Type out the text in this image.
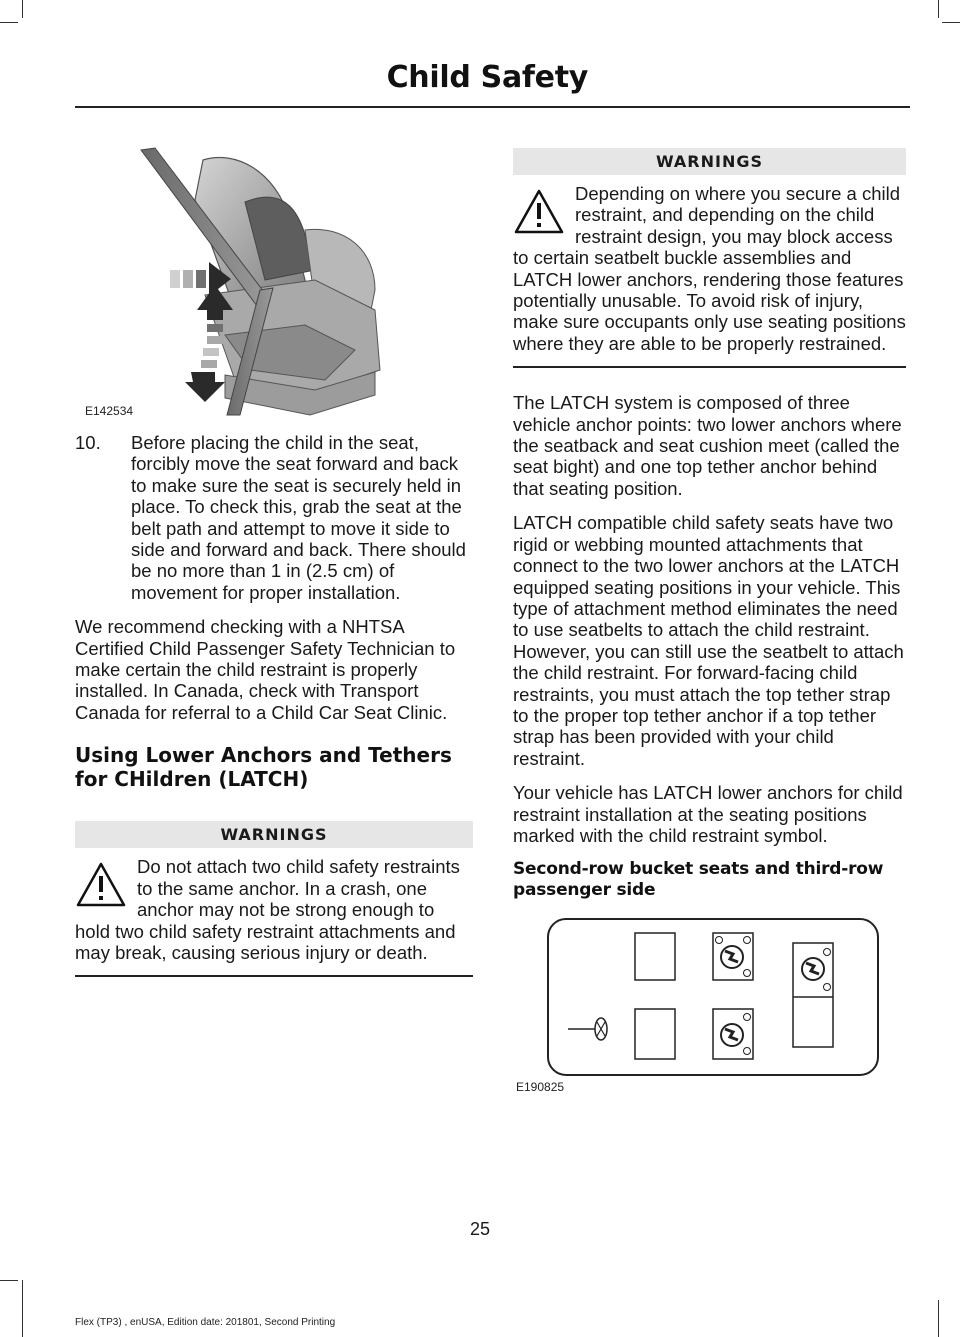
Child Safety
E142534
10.	Before placing the child in the seat, forcibly move the seat forward and back to make sure the seat is securely held in place. To check this, grab the seat at the belt path and attempt to move it side to side and forward and back. There should be no more than 1 in (2.5 cm) of movement for proper installation.

We recommend checking with a NHTSA Certified Child Passenger Safety Technician to make certain the child restraint is properly installed. In Canada, check with Transport Canada for referral to a Child Car Seat Clinic.

Using Lower Anchors and Tethers for CHildren (LATCH)
WARNINGS
Do not attach two child safety restraints to the same anchor. In a crash, one anchor may not be strong enough to hold two child safety restraint attachments and may break, causing serious injury or death.
WARNINGS
Depending on where you secure a child restraint, and depending on the child restraint design, you may block access to certain seatbelt buckle assemblies and LATCH lower anchors, rendering those features potentially unusable. To avoid risk of injury, make sure occupants only use seating positions where they are able to be properly restrained.

The LATCH system is composed of three vehicle anchor points: two lower anchors where the seatback and seat cushion meet (called the seat bight) and one top tether anchor behind that seating position.

LATCH compatible child safety seats have two rigid or webbing mounted attachments that connect to the two lower anchors at the LATCH equipped seating positions in your vehicle. This type of attachment method eliminates the need to use seatbelts to attach the child restraint. However, you can still use the seatbelt to attach the child restraint. For forward-facing child restraints, you must attach the top tether strap to the proper top tether anchor if a top tether strap has been provided with your child restraint.

Your vehicle has LATCH lower anchors for child restraint installation at the seating positions marked with the child restraint symbol.

Second-row bucket seats and third-row passenger side
E190825
25
Flex (TP3) , enUSA, Edition date: 201801, Second Printing
